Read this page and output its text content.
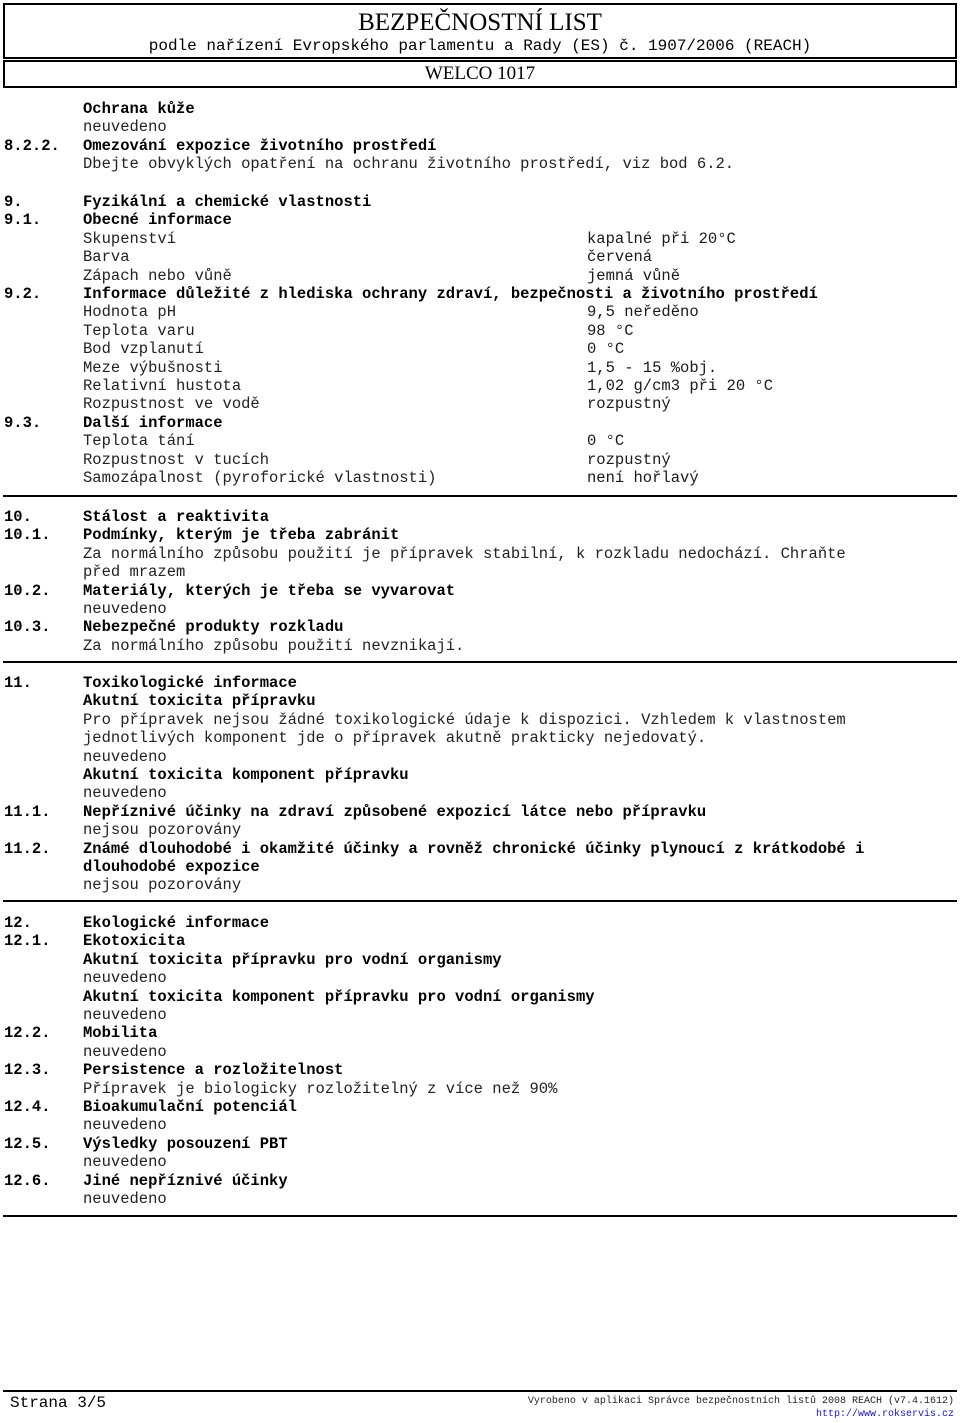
BEZPEČNOSTNÍ LIST
podle nařízení Evropského parlamentu a Rady (ES) č. 1907/2006 (REACH)
WELCO 1017
Ochrana kůže
neuvedeno
8.2.2. Omezování expozice životního prostředí
Dbejte obvyklých opatření na ochranu životního prostředí, viz bod 6.2.
9.	Fyzikální a chemické vlastnosti
9.1.	Obecné informace
Skupenství	kapalné při 20°C
Barva	červená
Zápach nebo vůně	jemná vůně
9.2.	Informace důležité z hlediska ochrany zdraví, bezpečnosti a životního prostředí
Hodnota pH	9,5 neředěno
Teplota varu	98 °C
Bod vzplanutí	0 °C
Meze výbušnosti	1,5 - 15 %obj.
Relativní hustota	1,02 g/cm3 při 20 °C
Rozpustnost ve vodě	rozpustný
9.3.	Další informace
Teplota tání	0 °C
Rozpustnost v tucích	rozpustný
Samozápalnost (pyroforické vlastnosti)	není hořlavý
10.	Stálost a reaktivita
10.1. Podmínky, kterým je třeba zabránit
Za normálního způsobu použití je přípravek stabilní, k rozkladu nedochází. Chraňte
před mrazem
10.2. Materiály, kterých je třeba se vyvarovat
neuvedeno
10.3. Nebezpečné produkty rozkladu
Za normálního způsobu použití nevznikají.
11.	Toxikologické informace
Akutní toxicita přípravku
Pro přípravek nejsou žádné toxikologické údaje k dispozici. Vzhledem k vlastnostem
jednotlivých komponent jde o přípravek akutně prakticky nejedovatý.
neuvedeno
Akutní toxicita komponent přípravku
neuvedeno
11.1. Nepříznivé účinky na zdraví způsobené expozicí látce nebo přípravku
nejsou pozorovány
11.2. Známé dlouhodobé i okamžité účinky a rovněž chronické účinky plynoucí z krátkodobé i
dlouhodobé expozice
nejsou pozorovány
12.	Ekologické informace
12.1. Ekotoxicita
Akutní toxicita přípravku pro vodní organismy
neuvedeno
Akutní toxicita komponent přípravku pro vodní organismy
neuvedeno
12.2. Mobilita
neuvedeno
12.3. Persistence a rozložitelnost
Přípravek je biologicky rozložitelný z více než 90%
12.4. Bioakumulační potenciál
neuvedeno
12.5. Výsledky posouzení PBT
neuvedeno
12.6. Jiné nepříznivé účinky
neuvedeno
Strana 3/5	Vyrobeno v aplikaci Správce bezpečnostních listů 2008 REACH (v7.4.1612)
http://www.rokservis.cz
